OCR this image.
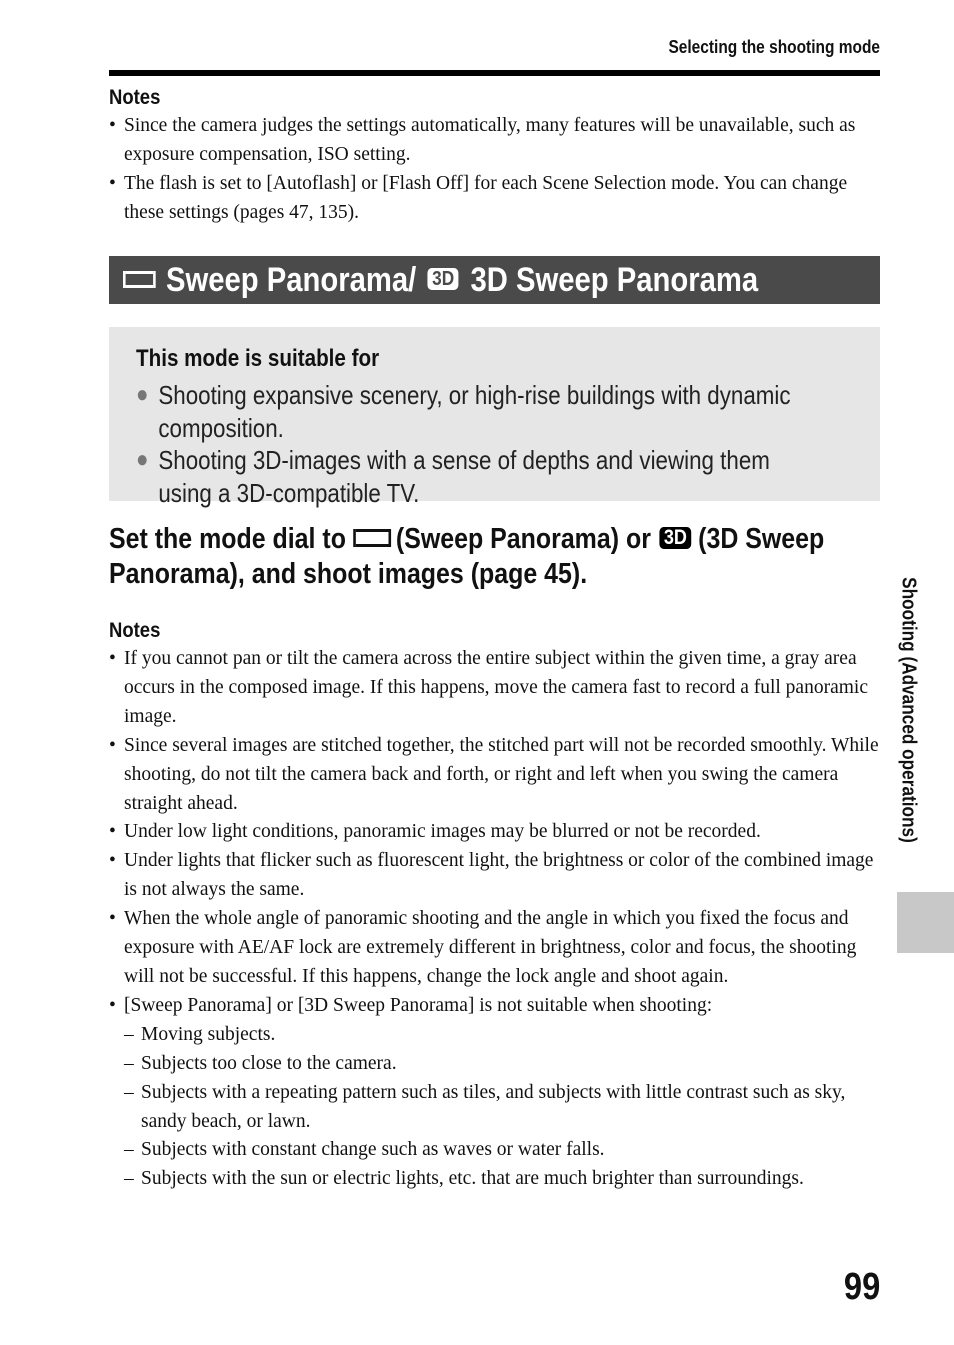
Selecting the shooting mode
Notes
• Since the camera judges the settings automatically, many features will be unavailable, such as exposure compensation, ISO setting.
• The flash is set to [Autoflash] or [Flash Off] for each Scene Selection mode. You can change these settings (pages 47, 135).
Sweep Panorama/ 3D 3D Sweep Panorama
This mode is suitable for
● Shooting expansive scenery, or high-rise buildings with dynamic composition.
● Shooting 3D-images with a sense of depths and viewing them using a 3D-compatible TV.
Set the mode dial to (Sweep Panorama) or 3D (3D Sweep Panorama), and shoot images (page 45).
Notes
• If you cannot pan or tilt the camera across the entire subject within the given time, a gray area occurs in the composed image. If this happens, move the camera fast to record a full panoramic image.
• Since several images are stitched together, the stitched part will not be recorded smoothly. While shooting, do not tilt the camera back and forth, or right and left when you swing the camera straight ahead.
• Under low light conditions, panoramic images may be blurred or not be recorded.
• Under lights that flicker such as fluorescent light, the brightness or color of the combined image is not always the same.
• When the whole angle of panoramic shooting and the angle in which you fixed the focus and exposure with AE/AF lock are extremely different in brightness, color and focus, the shooting will not be successful. If this happens, change the lock angle and shoot again.
• [Sweep Panorama] or [3D Sweep Panorama] is not suitable when shooting:
– Moving subjects.
– Subjects too close to the camera.
– Subjects with a repeating pattern such as tiles, and subjects with little contrast such as sky, sandy beach, or lawn.
– Subjects with constant change such as waves or water falls.
– Subjects with the sun or electric lights, etc. that are much brighter than surroundings.
Shooting (Advanced operations)
99
